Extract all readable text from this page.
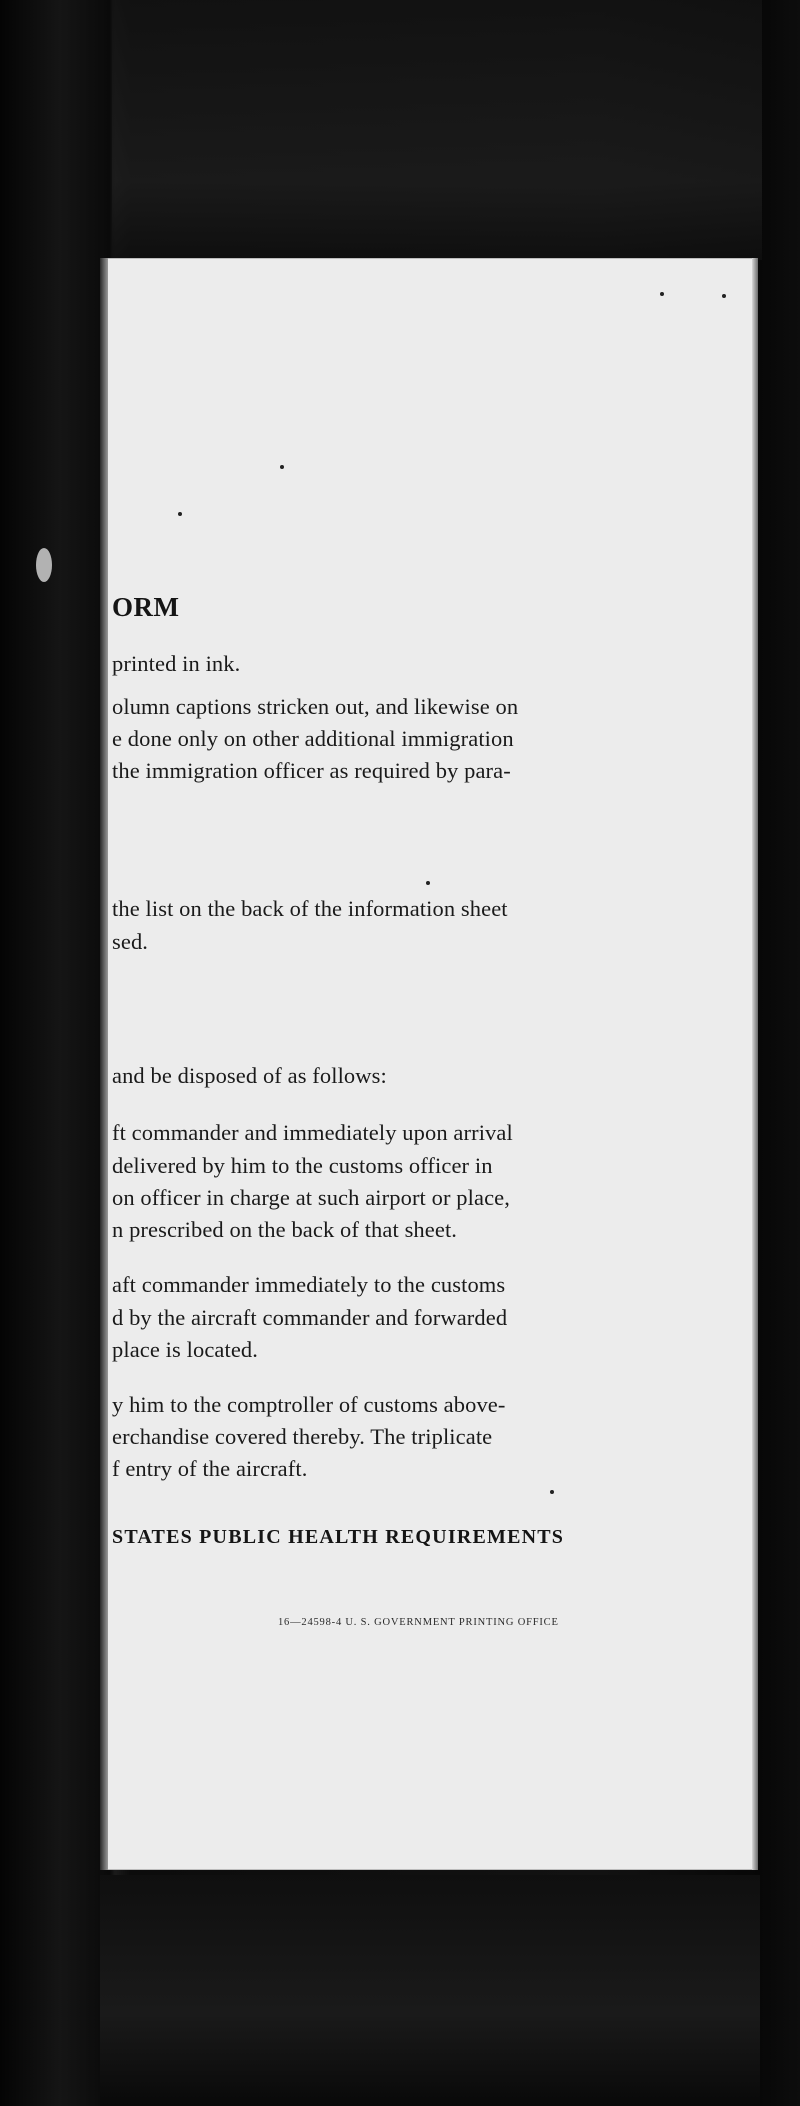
ORM
printed in ink.
olumn captions stricken out, and likewise on
e done only on other additional immigration
the immigration officer as required by para-
the list on the back of the information sheet
sed.
and be disposed of as follows:
ft commander and immediately upon arrival
delivered by him to the customs officer in
on officer in charge at such airport or place,
n prescribed on the back of that sheet.
aft commander immediately to the customs
d by the aircraft commander and forwarded
place is located.
y him to the comptroller of customs above-
erchandise covered thereby. The triplicate
f entry of the aircraft.
STATES PUBLIC HEALTH REQUIREMENTS
16—24598-4 U. S. GOVERNMENT PRINTING OFFICE
